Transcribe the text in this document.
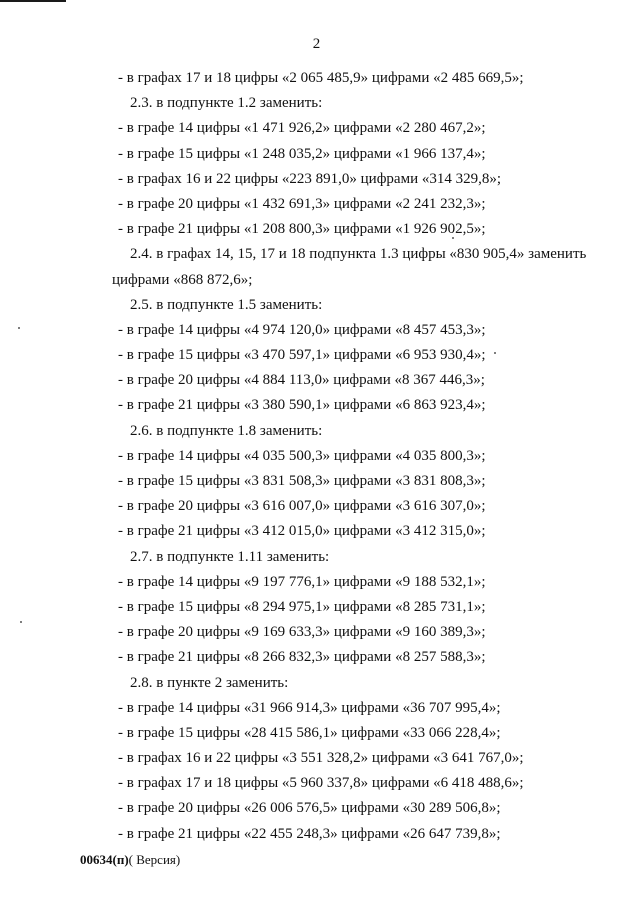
2
- в графах 17 и 18 цифры «2 065 485,9» цифрами «2 485 669,5»;
2.3. в подпункте 1.2 заменить:
- в графе 14 цифры «1 471 926,2» цифрами «2 280 467,2»;
- в графе 15 цифры «1 248 035,2» цифрами «1 966 137,4»;
- в графах 16 и 22 цифры «223 891,0» цифрами «314 329,8»;
- в графе 20 цифры «1 432 691,3» цифрами «2 241 232,3»;
- в графе 21 цифры «1 208 800,3» цифрами «1 926 902,5»;
2.4. в графах 14, 15, 17 и 18 подпункта 1.3 цифры «830 905,4» заменить
цифрами «868 872,6»;
2.5. в подпункте 1.5 заменить:
- в графе 14 цифры «4 974 120,0» цифрами «8 457 453,3»;
- в графе 15 цифры «3 470 597,1» цифрами «6 953 930,4»;
- в графе 20 цифры «4 884 113,0» цифрами «8 367 446,3»;
- в графе 21 цифры «3 380 590,1» цифрами «6 863 923,4»;
2.6. в подпункте 1.8 заменить:
- в графе 14 цифры «4 035 500,3» цифрами «4 035 800,3»;
- в графе 15 цифры «3 831 508,3» цифрами «3 831 808,3»;
- в графе 20 цифры «3 616 007,0» цифрами «3 616 307,0»;
- в графе 21 цифры «3 412 015,0» цифрами «3 412 315,0»;
2.7. в подпункте 1.11 заменить:
- в графе 14 цифры «9 197 776,1» цифрами «9 188 532,1»;
- в графе 15 цифры «8 294 975,1» цифрами «8 285 731,1»;
- в графе 20 цифры «9 169 633,3» цифрами «9 160 389,3»;
- в графе 21 цифры «8 266 832,3» цифрами «8 257 588,3»;
2.8. в пункте 2 заменить:
- в графе 14 цифры «31 966 914,3» цифрами «36 707 995,4»;
- в графе 15 цифры «28 415 586,1» цифрами «33 066 228,4»;
- в графах 16 и 22 цифры «3 551 328,2» цифрами «3 641 767,0»;
- в графах 17 и 18 цифры «5 960 337,8» цифрами «6 418 488,6»;
- в графе 20 цифры «26 006 576,5» цифрами «30 289 506,8»;
- в графе 21 цифры «22 455 248,3» цифрами «26 647 739,8»;
00634(п)( Версия)
